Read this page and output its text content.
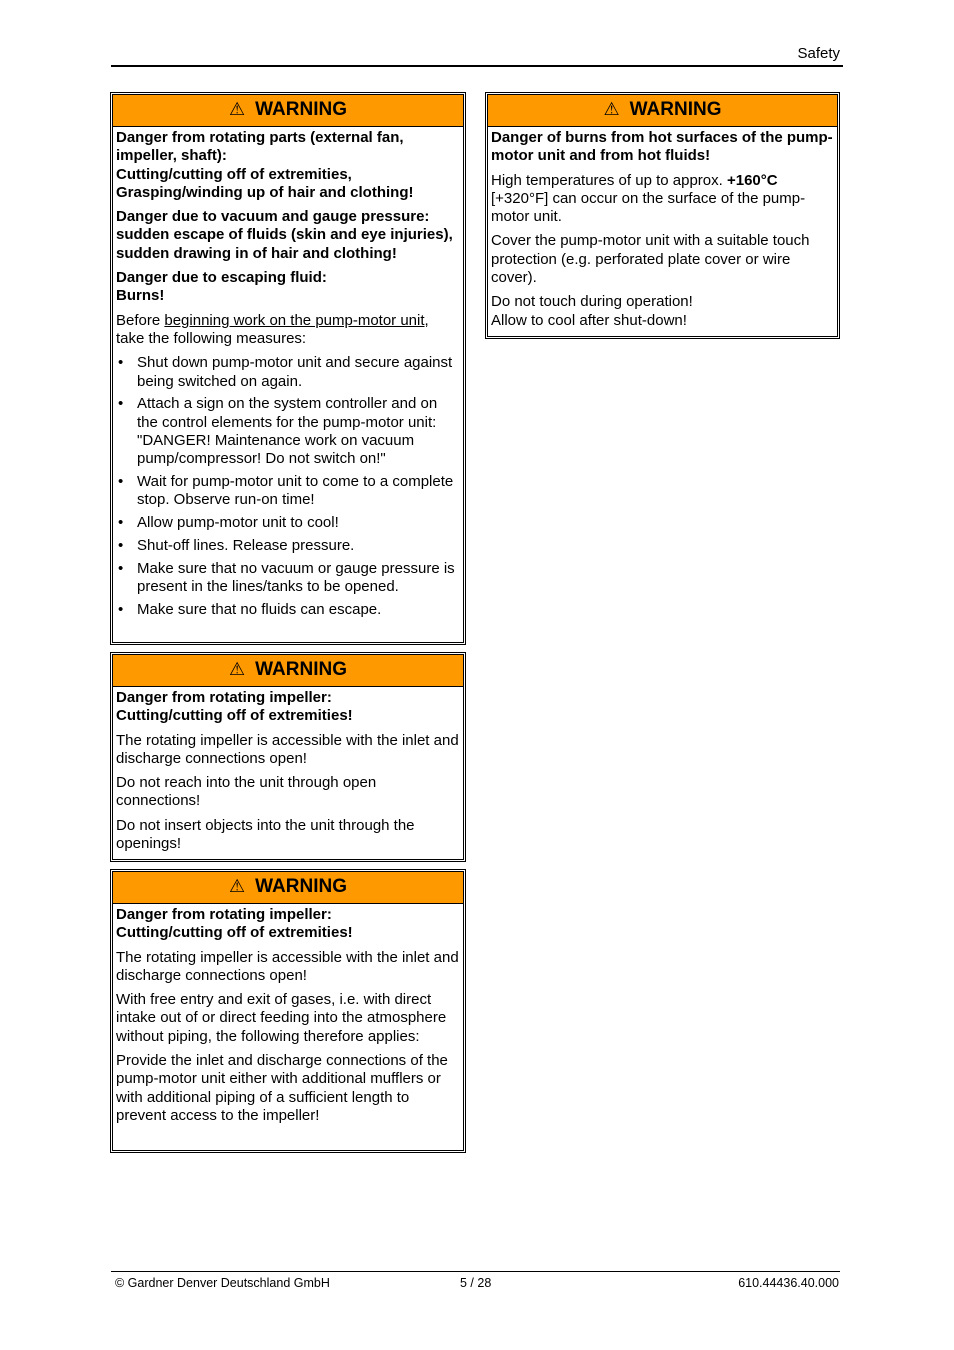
Safety
⚠ WARNING

Danger from rotating parts (external fan, impeller, shaft):
Cutting/cutting off of extremities,
Grasping/winding up of hair and clothing!

Danger due to vacuum and gauge pressure:
sudden escape of fluids (skin and eye injuries),
sudden drawing in of hair and clothing!

Danger due to escaping fluid:
Burns!

Before beginning work on the pump-motor unit, take the following measures:

• Shut down pump-motor unit and secure against being switched on again.
• Attach a sign on the system controller and on the control elements for the pump-motor unit: "DANGER! Maintenance work on vacuum pump/compressor! Do not switch on!"
• Wait for pump-motor unit to come to a complete stop. Observe run-on time!
• Allow pump-motor unit to cool!
• Shut-off lines. Release pressure.
• Make sure that no vacuum or gauge pressure is present in the lines/tanks to be opened.
• Make sure that no fluids can escape.
⚠ WARNING

Danger from rotating impeller:
Cutting/cutting off of extremities!

The rotating impeller is accessible with the inlet and discharge connections open!

Do not reach into the unit through open connections!

Do not insert objects into the unit through the openings!

⚠ WARNING

Danger from rotating impeller:
Cutting/cutting off of extremities!

The rotating impeller is accessible with the inlet and discharge connections open!

With free entry and exit of gases, i.e. with direct intake out of or direct feeding into the atmosphere without piping, the following therefore applies:

Provide the inlet and discharge connections of the pump-motor unit either with additional mufflers or with additional piping of a sufficient length to prevent access to the impeller!

⚠ WARNING

Danger of burns from hot surfaces of the pump-motor unit and from hot fluids!

High temperatures of up to approx. +160°C [+320°F] can occur on the surface of the pump-motor unit.

Cover the pump-motor unit with a suitable touch protection (e.g. perforated plate cover or wire cover).

Do not touch during operation!
Allow to cool after shut-down!

© Gardner Denver Deutschland GmbH	5 / 28	610.44436.40.000
